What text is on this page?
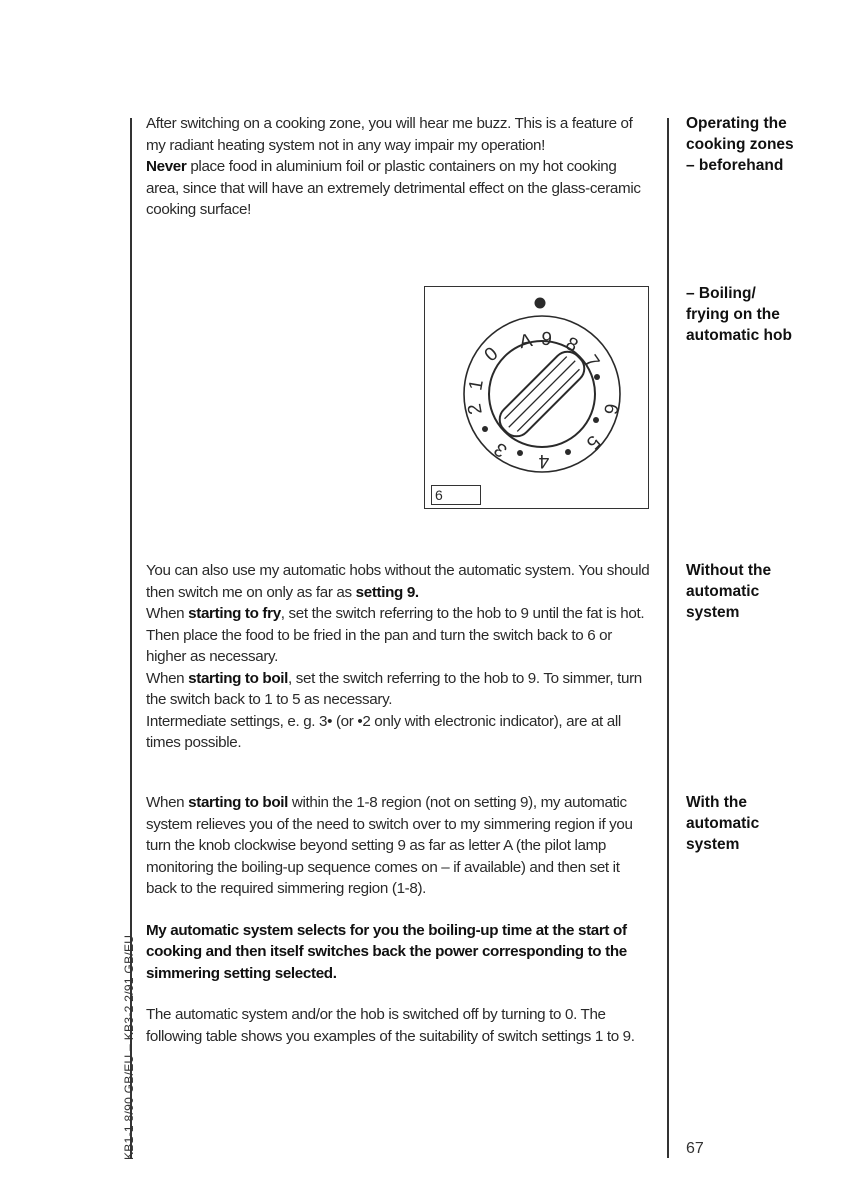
After switching on a cooking zone, you will hear me buzz. This is a feature of my radiant heating system not in any way impair my operation!

Never place food in aluminium foil or plastic containers on my hot cooking area, since that will have an extremely detrimental effect on the glass-ceramic cooking surface!

Operating the
cooking zones
– beforehand
– Boiling/
frying on the
automatic hob
0
A 9 8
7
6
5
4
3
2
1
6

You can also use my automatic hobs without the automatic system. You should then switch me on only as far as setting 9.
When starting to fry, set the switch referring to the hob to 9 until the fat is hot. Then place the food to be fried in the pan and turn the switch back to 6 or higher as necessary.
When starting to boil, set the switch referring to the hob to 9. To simmer, turn the switch back to 1 to 5 as necessary.
Intermediate settings, e. g. 3• (or •2 only with electronic indicator), are at all times possible.

Without the
automatic
system

When starting to boil within the 1-8 region (not on setting 9), my automatic system relieves you of the need to switch over to my simmering region if you turn the knob clockwise beyond setting 9 as far as letter A (the pilot lamp monitoring the boiling-up sequence comes on – if available) and then set it back to the required simmering region (1-8).

My automatic system selects for you the boiling-up time at the start of cooking and then itself switches back the power corresponding to the simmering setting selected.

The automatic system and/or the hob is switched off by turning to 0. The following table shows you examples of the suitability of switch settings 1 to 9.

With the
automatic
system
KB1-1 8/90 GB/EU – KB3-2 2/91 GB/EU	67
